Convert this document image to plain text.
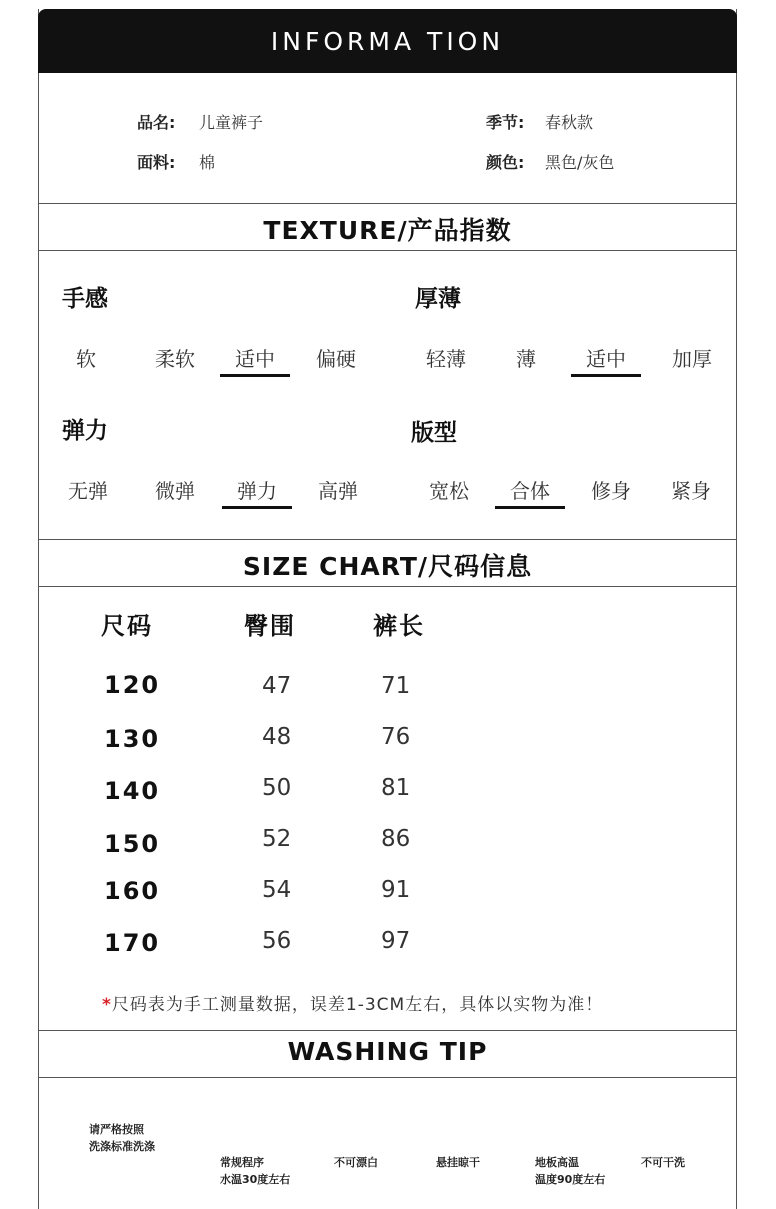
INFORMA TION
品名: 儿童裤子	季节: 春秋款
面料: 棉	颜色: 黑色/灰色
TEXTURE/产品指数
手感	厚薄
弹力	版型
软	柔软	适中	偏硬	轻薄	薄	适中	加厚
无弹	微弹	弹力	高弹	宽松	合体	修身	紧身
SIZE CHART/尺码信息
尺码	臀围	裤长
120	47	71
130	48	76
140	50	81
150	52	86
160	54	91
170	56	97
*尺码表为手工测量数据，误差1-3CM左右，具体以实物为准！
WASHING TIP
请严格按照
洗涤标准洗涤
常规程序
水温30度左右
不可漂白	悬挂晾干	地板高温
温度90度左右
不可干洗
